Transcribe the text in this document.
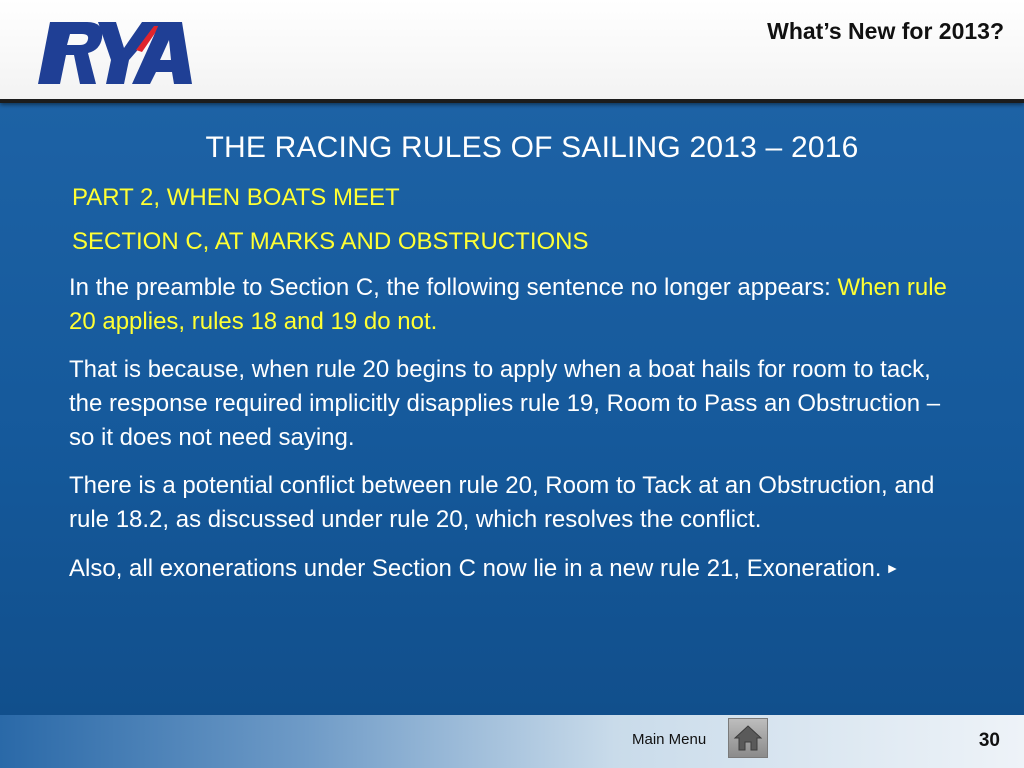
What’s New for 2013?
THE RACING RULES OF SAILING 2013 – 2016
PART 2, WHEN BOATS MEET
SECTION C, AT MARKS AND OBSTRUCTIONS
In the preamble to Section C, the following sentence no longer appears: When rule 20 applies, rules 18 and 19 do not.
That is because, when rule 20 begins to apply when a boat hails for room to tack, the response required implicitly disapplies rule 19, Room to Pass an Obstruction – so it does not need saying.
There is a potential conflict between rule 20, Room to Tack at an Obstruction, and rule 18.2, as discussed under rule 20, which resolves the conflict.
Also, all exonerations under Section C now lie in a new rule 21, Exoneration. ►
Main Menu	30
